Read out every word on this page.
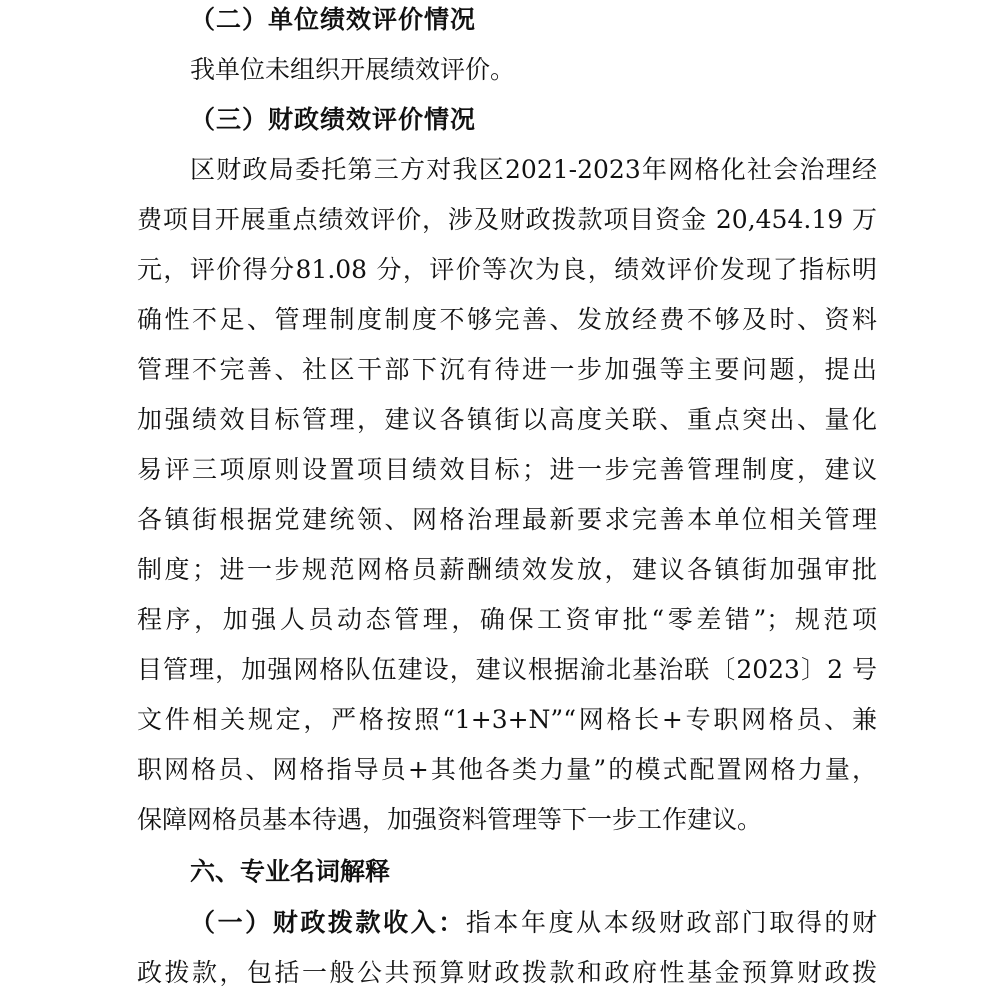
（二）单位绩效评价情况
我单位未组织开展绩效评价。
（三）财政绩效评价情况
区财政局委托第三方对我区2021-2023年网格化社会治理经
费项目开展重点绩效评价，涉及财政拨款项目资金 20,454.19 万
元，评价得分81.08 分，评价等次为良，绩效评价发现了指标明
确性不足、管理制度制度不够完善、发放经费不够及时、资料
管理不完善、社区干部下沉有待进一步加强等主要问题，提出
加强绩效目标管理，建议各镇街以高度关联、重点突出、量化
易评三项原则设置项目绩效目标；进一步完善管理制度，建议
各镇街根据党建统领、网格治理最新要求完善本单位相关管理
制度；进一步规范网格员薪酬绩效发放，建议各镇街加强审批
程序，加强人员动态管理，确保工资审批“零差错”；规范项
目管理，加强网格队伍建设，建议根据渝北基治联〔2023〕2 号
文件相关规定，严格按照“1+3+N”“网格长+专职网格员、兼
职网格员、网格指导员+其他各类力量”的模式配置网格力量，
保障网格员基本待遇，加强资料管理等下一步工作建议。
六、专业名词解释
（一）财政拨款收入：指本年度从本级财政部门取得的财
政拨款，包括一般公共预算财政拨款和政府性基金预算财政拨
